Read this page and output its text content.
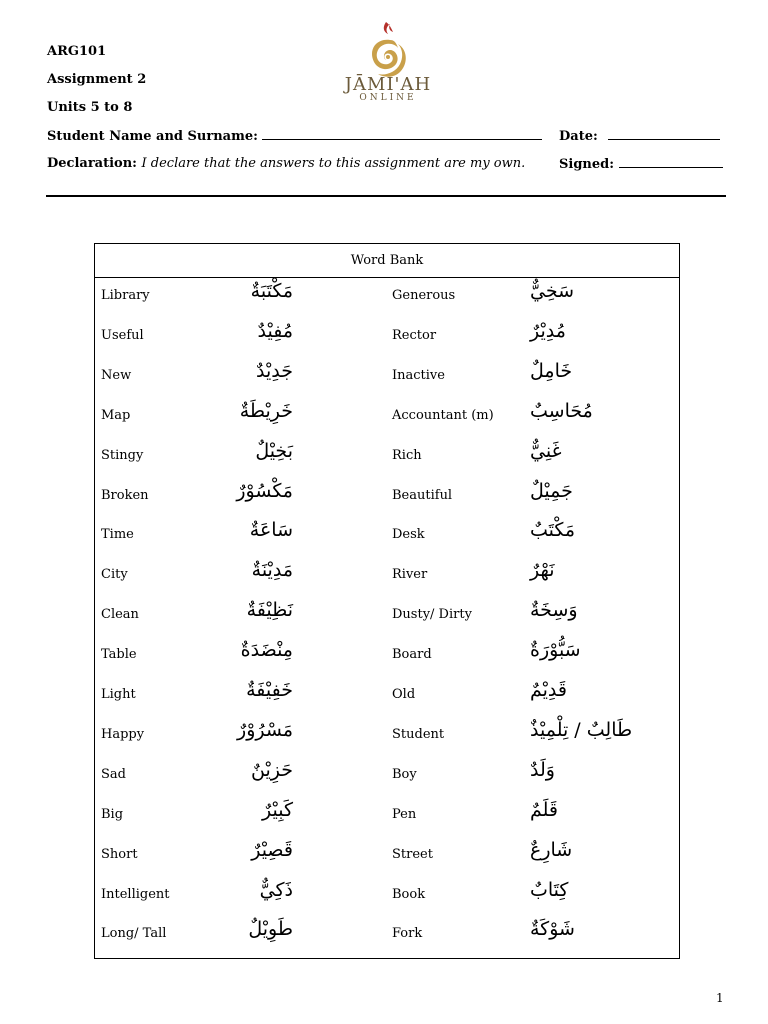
ARG101
Assignment 2
Units 5 to 8
Student Name and Surname:	Date:
Declaration: I declare that the answers to this assignment are my own.	Signed:
JĀMI'AH
ONLINE
Word Bank
Library	مَكْتَبَةٌ	Generous	سَخِيٌّ
Useful	مُفِيْدٌ	Rector	مُدِيْرٌ
New	جَدِيْدٌ	Inactive	خَامِلٌ
Map	خَرِيْطَةٌ	Accountant (m) مُحَاسِبٌ
Stingy	بَخِيْلٌ	Rich	غَنِيٌّ
Broken	مَكْسُوْرٌ	Beautiful	جَمِيْلٌ
Time	سَاعَةٌ	Desk	مَكْتَبٌ
City	مَدِيْنَةٌ	River	نَهْرٌ
Clean	نَظِيْفَةٌ	Dusty/ Dirty	وَسِخَةٌ
Table	مِنْضَدَةٌ	Board	سَبُّوْرَةٌ
Light	خَفِيْفَةٌ	Old	قَدِيْمٌ
Happy	مَسْرُوْرٌ	Student	طَالِبٌ / تِلْمِيْذٌ
Sad	حَزِيْنٌ	Boy	وَلَدٌ
Big	كَبِيْرٌ	Pen	قَلَمٌ
Short	قَصِيْرٌ	Street	شَارِعٌ
Intelligent	ذَكِيٌّ	Book	كِتَابٌ
Long/ Tall	طَوِيْلٌ	Fork	شَوْكَةٌ
1
